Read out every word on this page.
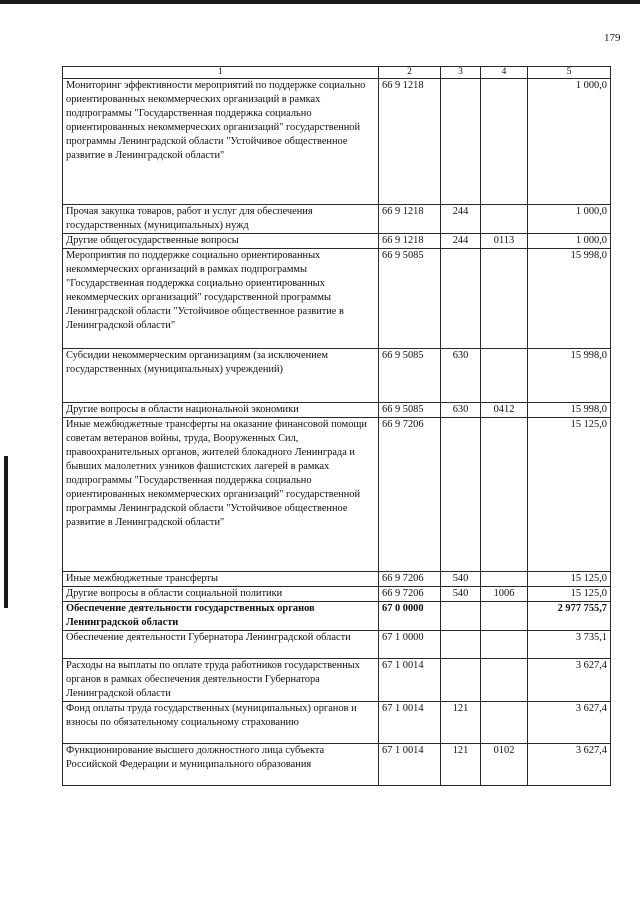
179
1	2	3	4	5
Мониторинг эффективности мероприятий по поддержке социально ориентированных некоммерческих организаций в рамках подпрограммы "Государственная поддержка социально ориентированных некоммерческих организаций" государственной программы Ленинградской области "Устойчивое общественное развитие в Ленинградской области"	66 9 1218			1 000,0
Прочая закупка товаров, работ и услуг для обеспечения государственных (муниципальных) нужд	66 9 1218	244		1 000,0
Другие общегосударственные вопросы	66 9 1218	244	0113	1 000,0
Мероприятия по поддержке социально ориентированных некоммерческих организаций в рамках подпрограммы "Государственная поддержка социально ориентированных некоммерческих организаций" государственной программы Ленинградской области "Устойчивое общественное развитие в Ленинградской области"	66 9 5085			15 998,0
Субсидии некоммерческим организациям (за исключением государственных (муниципальных) учреждений)	66 9 5085	630		15 998,0
Другие вопросы в области национальной экономики	66 9 5085	630	0412	15 998,0
Иные межбюджетные трансферты на оказание финансовой помощи советам ветеранов войны, труда, Вооруженных Сил, правоохранительных органов, жителей блокадного Ленинграда и бывших малолетних узников фашистских лагерей в рамках подпрограммы "Государственная поддержка социально ориентированных некоммерческих организаций" государственной программы Ленинградской области "Устойчивое общественное развитие в Ленинградской области"	66 9 7206			15 125,0
Иные межбюджетные трансферты	66 9 7206	540		15 125,0
Другие вопросы в области социальной политики	66 9 7206	540	1006	15 125,0
Обеспечение деятельности государственных органов Ленинградской области	67 0 0000			2 977 755,7
Обеспечение деятельности Губернатора Ленинградской области	67 1 0000			3 735,1
Расходы на выплаты по оплате труда работников государственных органов в рамках обеспечения деятельности Губернатора Ленинградской области	67 1 0014			3 627,4
Фонд оплаты труда государственных (муниципальных) органов и взносы по обязательному социальному страхованию	67 1 0014	121		3 627,4
Функционирование высшего должностного лица субъекта Российской Федерации и муниципального образования	67 1 0014	121	0102	3 627,4
